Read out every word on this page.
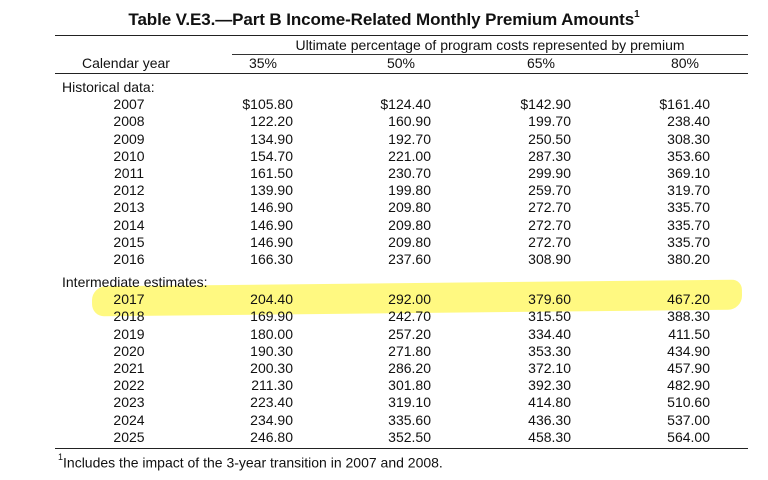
Table V.E3.—Part B Income-Related Monthly Premium Amounts$^1$
Ultimate percentage of program costs represented by premium
Calendar year	35%	50%	65%	80%
Historical data:
2007	$105.80	$124.40	$142.90	$161.40
2008	122.20	160.90	199.70	238.40
2009	134.90	192.70	250.50	308.30
2010	154.70	221.00	287.30	353.60
2011	161.50	230.70	299.90	369.10
2012	139.90	199.80	259.70	319.70
2013	146.90	209.80	272.70	335.70
2014	146.90	209.80	272.70	335.70
2015	146.90	209.80	272.70	335.70
2016	166.30	237.60	308.90	380.20
Intermediate estimates:
2017	204.40	292.00	379.60	467.20
2018	169.90	242.70	315.50	388.30
2019	180.00	257.20	334.40	411.50
2020	190.30	271.80	353.30	434.90
2021	200.30	286.20	372.10	457.90
2022	211.30	301.80	392.30	482.90
2023	223.40	319.10	414.80	510.60
2024	234.90	335.60	436.30	537.00
2025	246.80	352.50	458.30	564.00
$^1$Includes the impact of the 3-year transition in 2007 and 2008.
